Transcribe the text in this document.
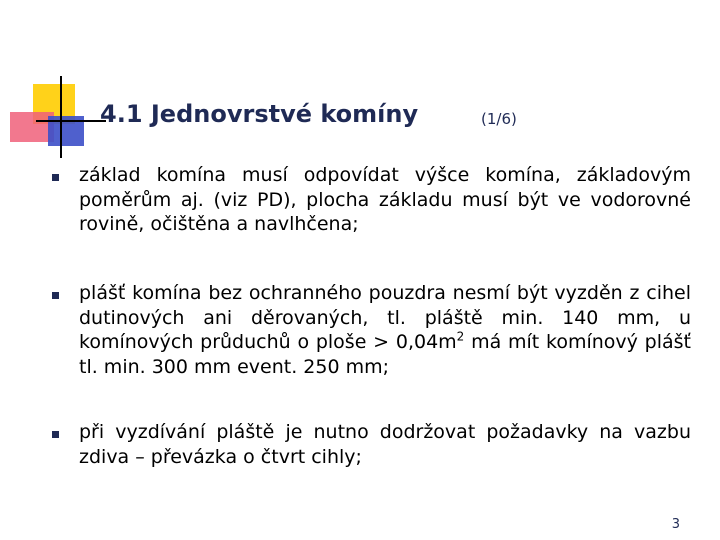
4.1 Jednovrstvé komíny	(1/6)
základ komína musí odpovídat výšce komína, základovým poměrům aj. (viz PD), plocha základu musí být ve vodorovné rovině, očištěna a navlhčena;
plášť komína bez ochranného pouzdra nesmí být vyzděn z cihel dutinových ani děrovaných, tl. pláště min. 140 mm, u komínových průduchů o ploše > $0,04m^2$ má mít komínový plášť tl. min. 300 mm event. 250 mm;
při vyzdívání pláště je nutno dodržovat požadavky na vazbu zdiva – převázka o čtvrt cihly;
3
